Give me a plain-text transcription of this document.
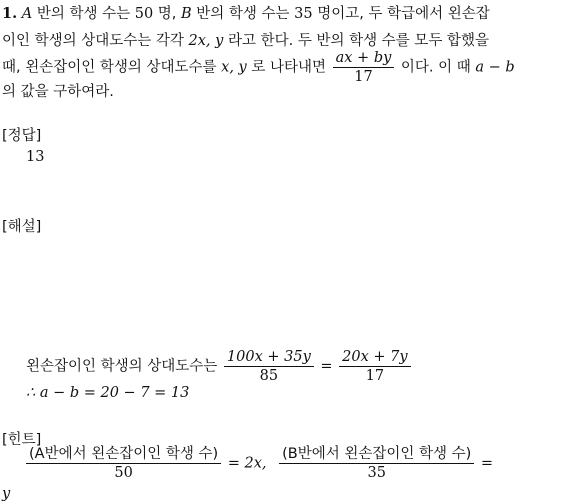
1. A 반의 학생 수는 50 명, B 반의 학생 수는 35 명이고, 두 학급에서 왼손잡
이인 학생의 상대도수는 각각 2x, y 라고 한다. 두 반의 학생 수를 모두 합했을
때, 왼손잡이인 학생의 상대도수를 x, y 로 나타내면 $\frac{ax + by}{17}$ 이다. 이 때 a − b
의 값을 구하여라.
[정답]
13
[해설]
왼손잡이인 학생의 상대도수는 $\frac{100x + 35y}{85} = \frac{20x + 7y}{17}$
∴ a − b = 20 − 7 = 13
[힌트]
$\frac{\text{(A반에서 왼손잡이인 학생 수)}}{50} = 2x$, $\frac{\text{(B반에서 왼손잡이인 학생 수)}}{35}$ =
y
